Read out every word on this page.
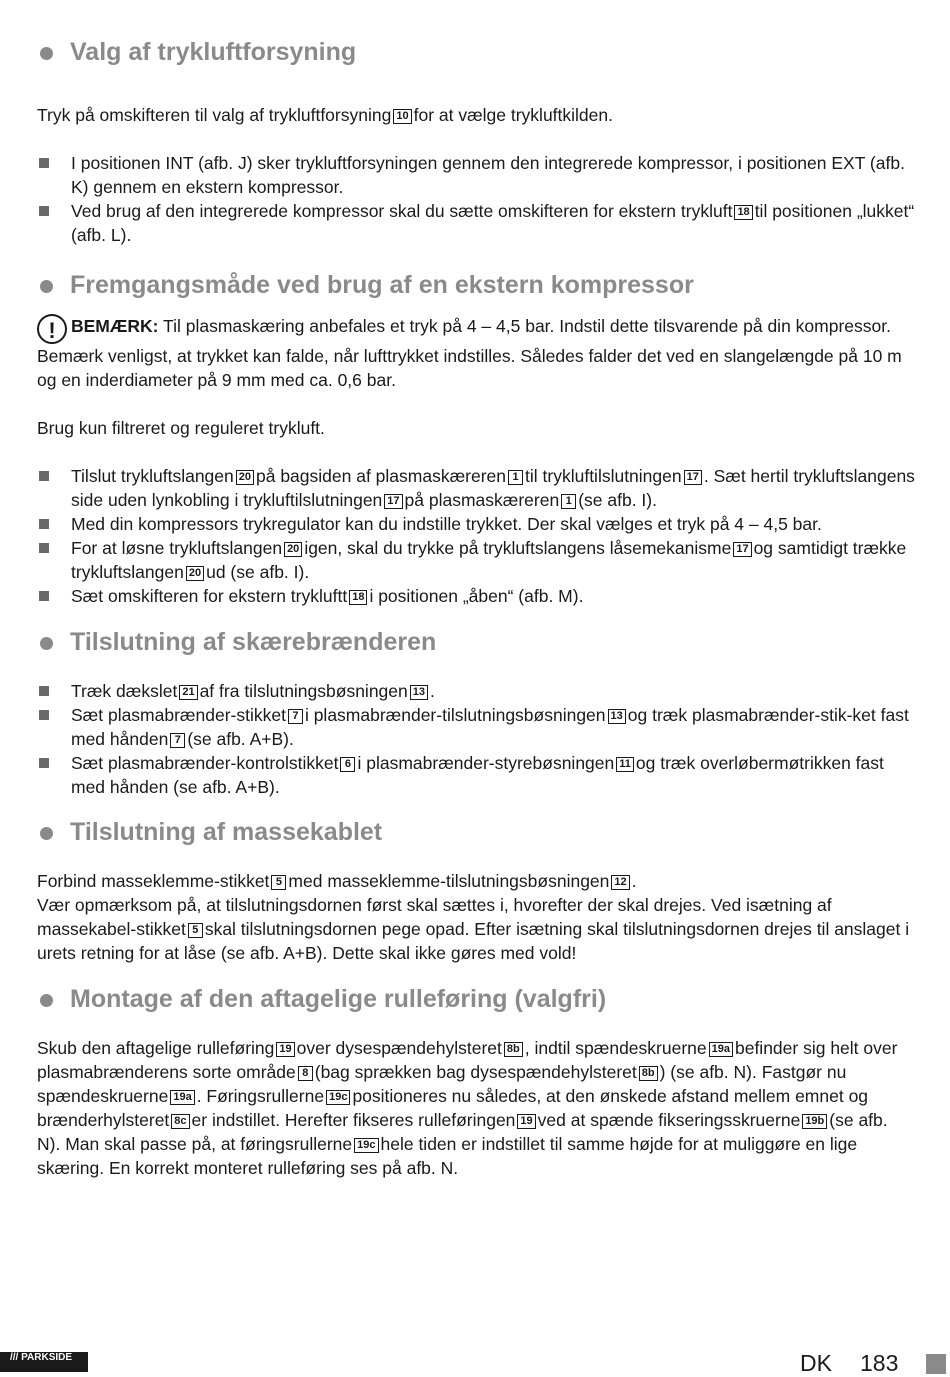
Valg af trykluftforsyning

Tryk på omskifteren til valg af trykluftforsyning 10 for at vælge trykluftkilden.

I positionen INT (afb. J) sker trykluftforsyningen gennem den integrerede kompressor, i positionen EXT (afb. K) gennem en ekstern kompressor.
Ved brug af den integrerede kompressor skal du sætte omskifteren for ekstern trykluft 18 til positionen „lukket“ (afb. L).
Fremgangsmåde ved brug af en ekstern kompressor

! BEMÆRK: Til plasmaskæring anbefales et tryk på 4 – 4,5 bar. Indstil dette tilsvarende på din kompressor. Bemærk venligst, at trykket kan falde, når lufttrykket indstilles. Således falder det ved en slangelængde på 10 m og en inderdiameter på 9 mm med ca. 0,6 bar.

Brug kun filtreret og reguleret trykluft.

Tilslut trykluftslangen 20 på bagsiden af plasmaskæreren 1 til trykluftilslutningen 17 . Sæt hertil trykluftslangens side uden lynkobling i trykluftilslutningen 17 på plasmaskæreren 1 (se afb. I).
Med din kompressors trykregulator kan du indstille trykket. Der skal vælges et tryk på 4 – 4,5 bar.
For at løsne trykluftslangen 20 igen, skal du trykke på trykluftslangens låsemekanisme 17 og samtidigt trække trykluftslangen 20 ud (se afb. I).
Sæt omskifteren for ekstern trykluftt 18 i positionen „åben“ (afb. M).
Tilslutning af skærebrænderen
Træk dækslet 21 af fra tilslutningsbøsningen 13 .
Sæt plasmabrænder-stikket 7 i plasmabrænder-tilslutningsbøsningen 13 og træk plasmabrænder-stik-ket fast med hånden 7 (se afb. A+B).
Sæt plasmabrænder-kontrolstikket 6 i plasmabrænder-styrebøsningen 11 og træk overløbermøtrikken fast med hånden (se afb. A+B).
Tilslutning af massekablet

Forbind masseklemme-stikket 5 med masseklemme-tilslutningsbøsningen 12 .

Vær opmærksom på, at tilslutningsdornen først skal sættes i, hvorefter der skal drejes. Ved isætning af massekabel-stikket 5 skal tilslutningsdornen pege opad. Efter isætning skal tilslutningsdornen drejes til anslaget i urets retning for at låse (se afb. A+B). Dette skal ikke gøres med vold!

Montage af den aftagelige rulleføring (valgfri)

Skub den aftagelige rulleføring 19 over dysespændehylsteret 8b , indtil spændeskruerne 19a befinder sig helt over plasmabrænderens sorte område 8 (bag sprækken bag dysespændehylsteret 8b ) (se afb. N). Fastgør nu spændeskruerne 19a . Føringsrullerne 19c positioneres nu således, at den ønskede afstand mellem emnet og brænderhylsteret 8c er indstillet. Herefter fikseres rulleføringen 19 ved at spænde fikseringsskruerne 19b (se afb. N). Man skal passe på, at føringsrullerne 19c hele tiden er indstillet til samme højde for at muliggøre en lige skæring. En korrekt monteret rulleføring ses på afb. N.

/// PARKSIDE	DK 183
